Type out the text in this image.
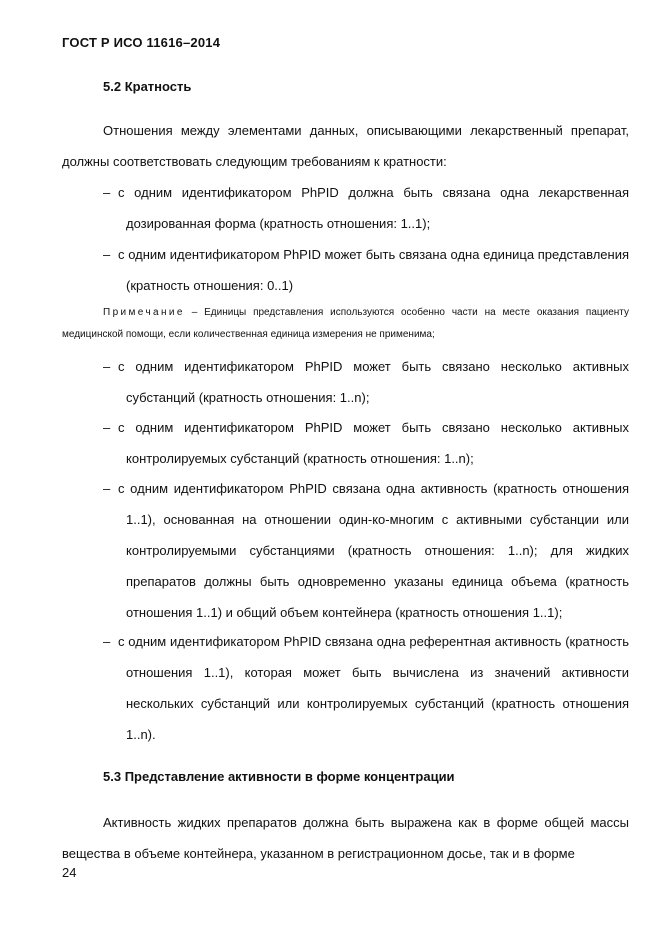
ГОСТ Р ИСО 11616–2014
5.2 Кратность
Отношения между элементами данных, описывающими лекарственный препарат, должны соответствовать следующим требованиям к кратности:
– с одним идентификатором PhPID должна быть связана одна лекарственная дозированная форма (кратность отношения: 1..1);
– с одним идентификатором PhPID может быть связана одна единица представления (кратность отношения: 0..1)
Примечание – Единицы представления используются особенно части на месте оказания пациенту медицинской помощи, если количественная единица измерения не применима;
– с одним идентификатором PhPID может быть связано несколько активных субстанций (кратность отношения: 1..n);
– с одним идентификатором PhPID может быть связано несколько активных контролируемых субстанций (кратность отношения: 1..n);
– с одним идентификатором PhPID связана одна активность (кратность отношения 1..1), основанная на отношении один-ко-многим с активными субстанции или контролируемыми субстанциями (кратность отношения: 1..n); для жидких препаратов должны быть одновременно указаны единица объема (кратность отношения 1..1) и общий объем контейнера (кратность отношения 1..1);
– с одним идентификатором PhPID связана одна референтная активность (кратность отношения 1..1), которая может быть вычислена из значений активности нескольких субстанций или контролируемых субстанций (кратность отношения 1..n).
5.3 Представление активности в форме концентрации
Активность жидких препаратов должна быть выражена как в форме общей массы вещества в объеме контейнера, указанном в регистрационном досье, так и в форме
24
